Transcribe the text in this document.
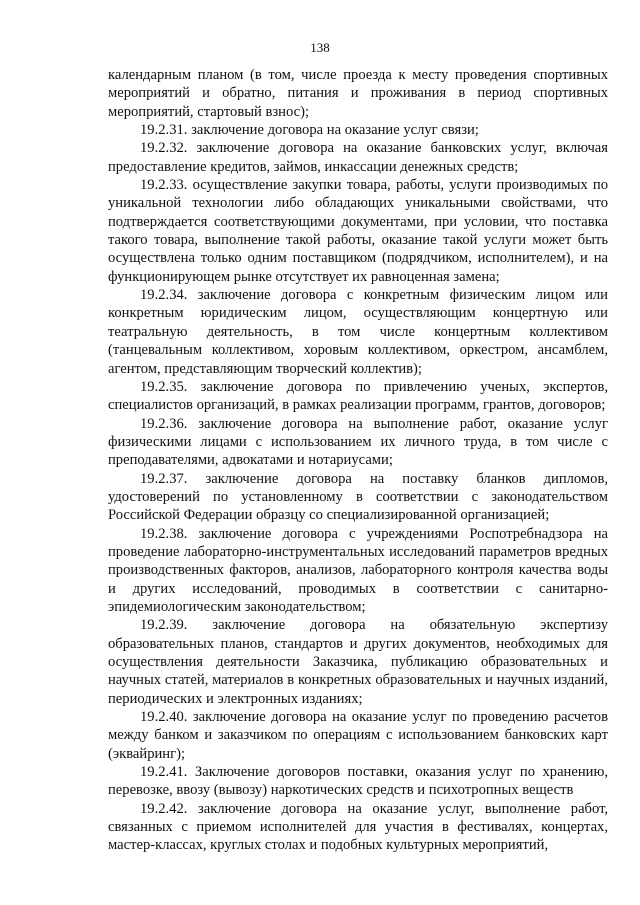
138

календарным планом (в том, числе проезда к месту проведения спортивных мероприятий и обратно, питания и проживания в период спортивных мероприятий, стартовый взнос);

19.2.31. заключение договора на оказание услуг связи;

19.2.32. заключение договора на оказание банковских услуг, включая предоставление кредитов, займов, инкассации денежных средств;

19.2.33. осуществление закупки товара, работы, услуги производимых по уникальной технологии либо обладающих уникальными свойствами, что подтверждается соответствующими документами, при условии, что поставка такого товара, выполнение такой работы, оказание такой услуги может быть осуществлена только одним поставщиком (подрядчиком, исполнителем), и на функционирующем рынке отсутствует их равноценная замена;

19.2.34. заключение договора с конкретным физическим лицом или конкретным юридическим лицом, осуществляющим концертную или театральную деятельность, в том числе концертным коллективом (танцевальным коллективом, хоровым коллективом, оркестром, ансамблем, агентом, представляющим творческий коллектив);

19.2.35. заключение договора по привлечению ученых, экспертов, специалистов организаций, в рамках реализации программ, грантов, договоров;

19.2.36. заключение договора на выполнение работ, оказание услуг физическими лицами с использованием их личного труда, в том числе с преподавателями, адвокатами и нотариусами;

19.2.37. заключение договора на поставку бланков дипломов, удостоверений по установленному в соответствии с законодательством Российской Федерации образцу со специализированной организацией;

19.2.38. заключение договора с учреждениями Роспотребнадзора на проведение лабораторно-инструментальных исследований параметров вредных производственных факторов, анализов, лабораторного контроля качества воды и других исследований, проводимых в соответствии с санитарно-эпидемиологическим законодательством;

19.2.39. заключение договора на обязательную экспертизу образовательных планов, стандартов и других документов, необходимых для осуществления деятельности Заказчика, публикацию образовательных и научных статей, материалов в конкретных образовательных и научных изданий, периодических и электронных изданиях;

19.2.40. заключение договора на оказание услуг по проведению расчетов между банком и заказчиком по операциям с использованием банковских карт (эквайринг);

19.2.41. Заключение договоров поставки, оказания услуг по хранению, перевозке, ввозу (вывозу) наркотических средств и психотропных веществ

19.2.42. заключение договора на оказание услуг, выполнение работ, связанных с приемом исполнителей для участия в фестивалях, концертах, мастер-классах, круглых столах и подобных культурных мероприятий,
